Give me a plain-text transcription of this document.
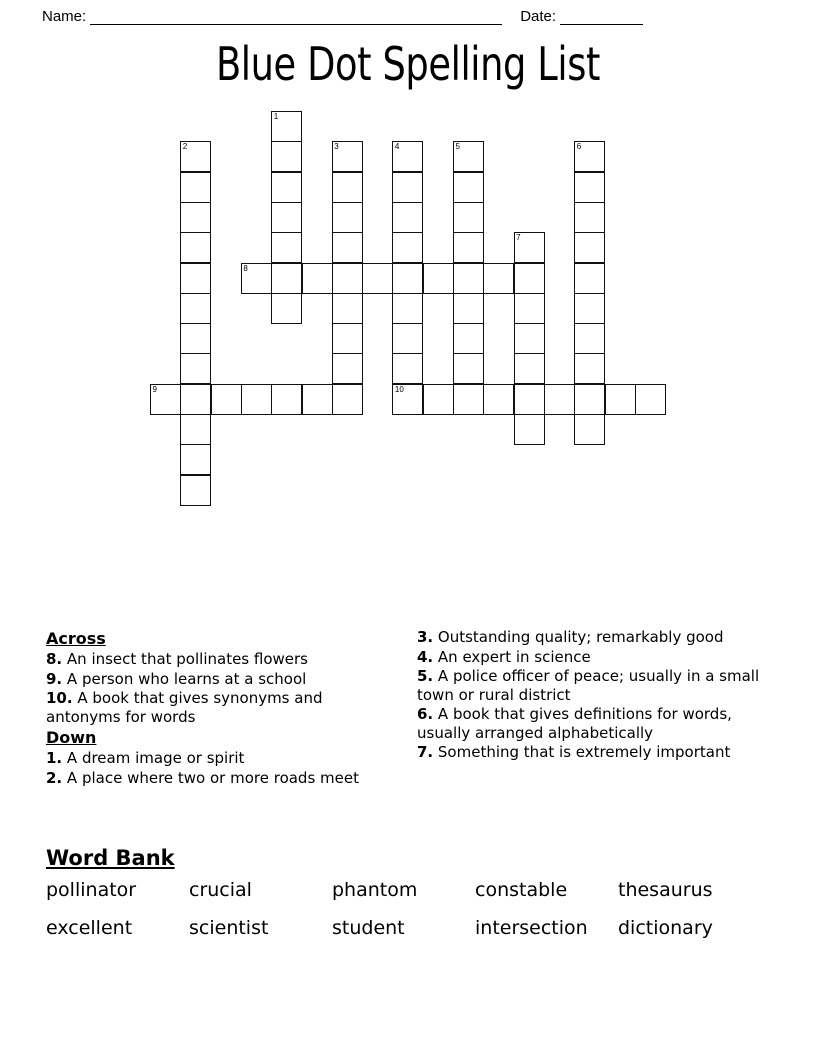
Name:	Date:
Blue Dot Spelling List
1
2	3	4
10
5	6
7
8
9
Across
8. An insect that pollinates flowers
9. A person who learns at a school
10. A book that gives synonyms and antonyms for words
Down
1. A dream image or spirit
2. A place where two or more roads meet
3. Outstanding quality; remarkably good
4. An expert in science
5. A police officer of peace; usually in a small town or rural district
6. A book that gives definitions for words, usually arranged alphabetically
7. Something that is extremely important
Word Bank
pollinator	crucial	phantom	constable	thesaurus
excellent	scientist	student	intersection	dictionary
